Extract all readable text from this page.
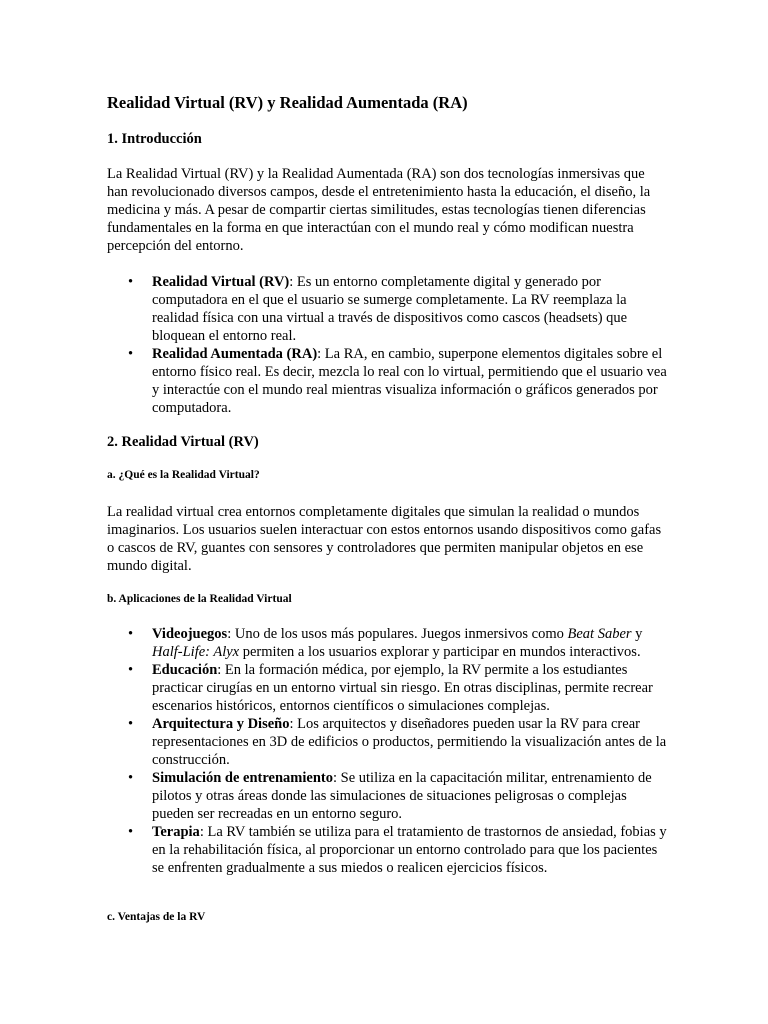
Realidad Virtual (RV) y Realidad Aumentada (RA)
1. Introducción

La Realidad Virtual (RV) y la Realidad Aumentada (RA) son dos tecnologías inmersivas que han revolucionado diversos campos, desde el entretenimiento hasta la educación, el diseño, la medicina y más. A pesar de compartir ciertas similitudes, estas tecnologías tienen diferencias fundamentales en la forma en que interactúan con el mundo real y cómo modifican nuestra percepción del entorno.

• Realidad Virtual (RV): Es un entorno completamente digital y generado por computadora en el que el usuario se sumerge completamente. La RV reemplaza la realidad física con una virtual a través de dispositivos como cascos (headsets) que bloquean el entorno real.
• Realidad Aumentada (RA): La RA, en cambio, superpone elementos digitales sobre el entorno físico real. Es decir, mezcla lo real con lo virtual, permitiendo que el usuario vea y interactúe con el mundo real mientras visualiza información o gráficos generados por computadora.
2. Realidad Virtual (RV)
a. ¿Qué es la Realidad Virtual?

La realidad virtual crea entornos completamente digitales que simulan la realidad o mundos imaginarios. Los usuarios suelen interactuar con estos entornos usando dispositivos como gafas o cascos de RV, guantes con sensores y controladores que permiten manipular objetos en ese mundo digital.

b. Aplicaciones de la Realidad Virtual
• Videojuegos: Uno de los usos más populares. Juegos inmersivos como Beat Saber y Half-Life: Alyx permiten a los usuarios explorar y participar en mundos interactivos.
• Educación: En la formación médica, por ejemplo, la RV permite a los estudiantes practicar cirugías en un entorno virtual sin riesgo. En otras disciplinas, permite recrear escenarios históricos, entornos científicos o simulaciones complejas.
• Arquitectura y Diseño: Los arquitectos y diseñadores pueden usar la RV para crear representaciones en 3D de edificios o productos, permitiendo la visualización antes de la construcción.
• Simulación de entrenamiento: Se utiliza en la capacitación militar, entrenamiento de pilotos y otras áreas donde las simulaciones de situaciones peligrosas o complejas pueden ser recreadas en un entorno seguro.
• Terapia: La RV también se utiliza para el tratamiento de trastornos de ansiedad, fobias y en la rehabilitación física, al proporcionar un entorno controlado para que los pacientes se enfrenten gradualmente a sus miedos o realicen ejercicios físicos.
c. Ventajas de la RV
